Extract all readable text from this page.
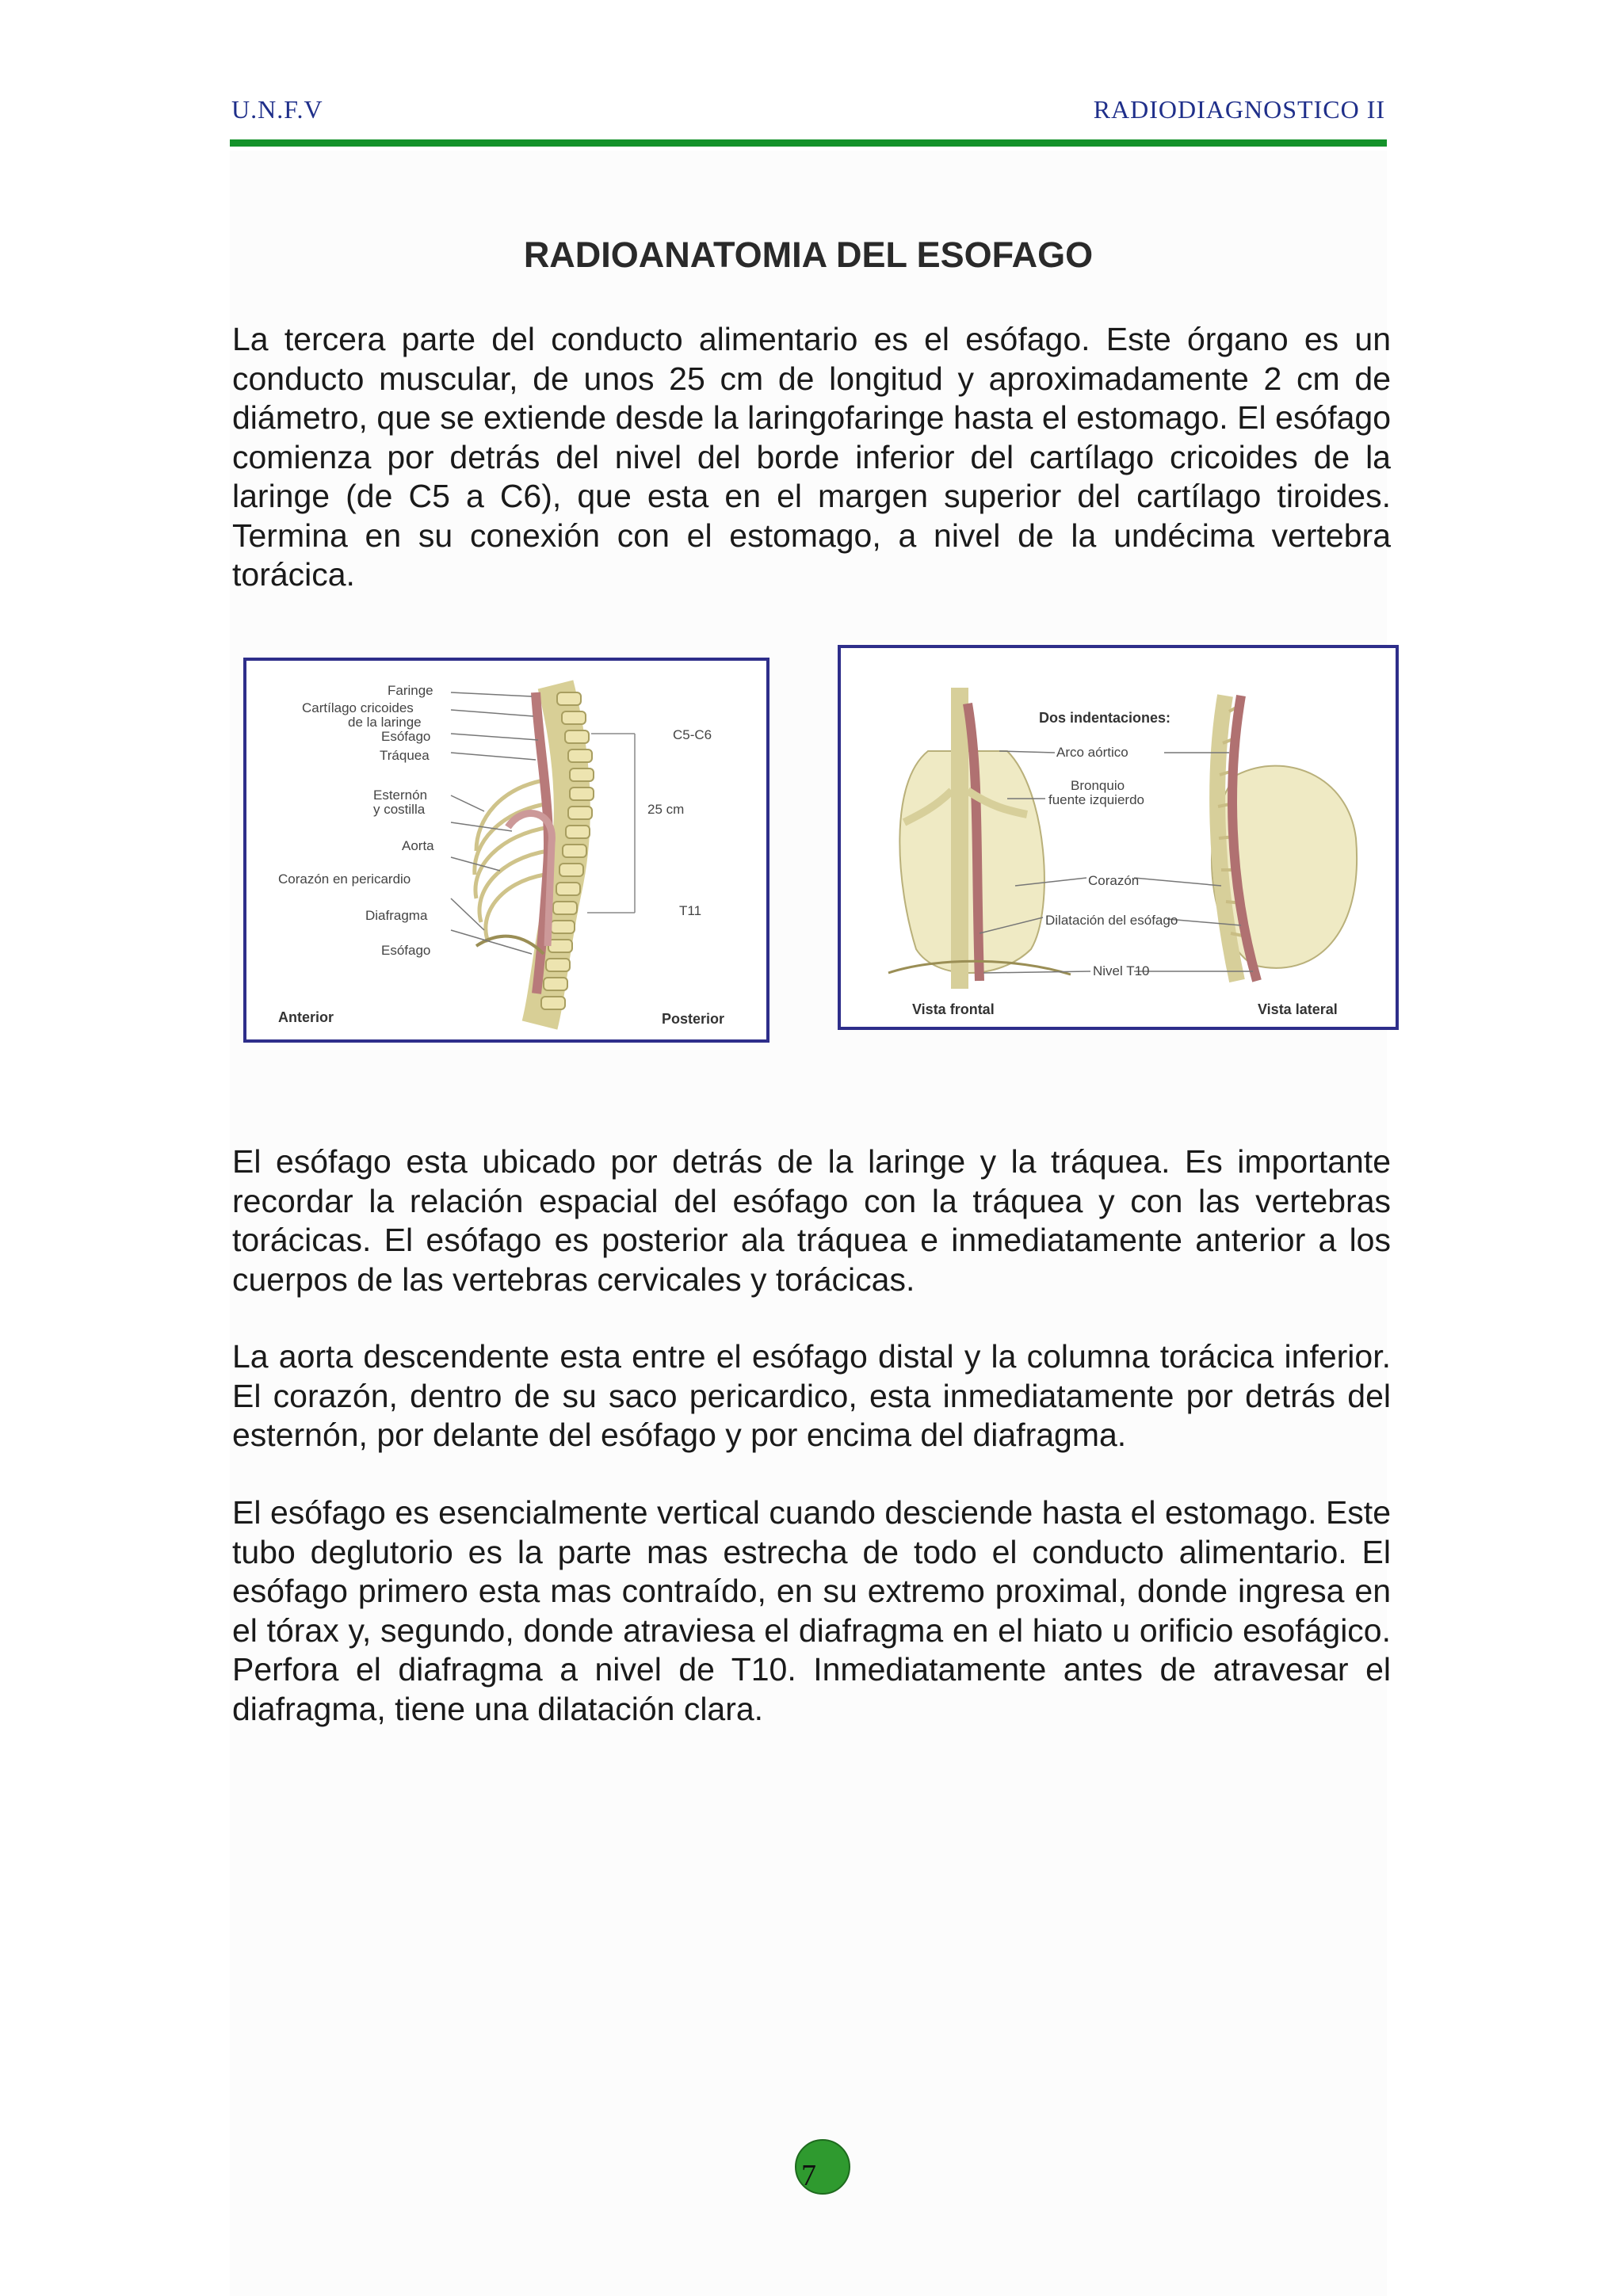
U.N.F.V	RADIODIAGNOSTICO II
RADIOANATOMIA DEL ESOFAGO

La tercera parte del conducto alimentario es el esófago. Este órgano es un conducto muscular, de unos 25 cm de longitud y aproximadamente 2 cm de diámetro, que se extiende desde la laringofaringe hasta el estomago. El esófago comienza por detrás del nivel del borde inferior del cartílago cricoides de la laringe (de C5 a C6), que esta en el margen superior del cartílago tiroides. Termina en su conexión con el estomago, a nivel de la undécima vertebra torácica.

Faringe
Cartílago cricoides
de la laringe
Esófago
Tráquea
Esternón
y costilla
Aorta
Corazón en pericardio
Diafragma
Esófago
C5-C6
25 cm
T11
Anterior	Posterior
Dos indentaciones:
Arco aórtico
Bronquio
fuente izquierdo
Corazón
Dilatación del esófago
Nivel T10
Vista frontal	Vista lateral

El esófago esta ubicado por detrás de la laringe y la tráquea. Es importante recordar la relación espacial del esófago con la tráquea y con las vertebras torácicas. El esófago es posterior ala tráquea e inmediatamente anterior a los cuerpos de las vertebras cervicales y torácicas.

La aorta descendente esta entre el esófago distal y la columna torácica inferior. El corazón, dentro de su saco pericardico, esta inmediatamente por detrás del esternón, por delante del esófago y por encima del diafragma.

El esófago es esencialmente vertical cuando desciende hasta el estomago. Este tubo deglutorio es la parte mas estrecha de todo el conducto alimentario. El esófago primero esta mas contraído, en su extremo proximal, donde ingresa en el tórax y, segundo, donde atraviesa el diafragma en el hiato u orificio esofágico. Perfora el diafragma a nivel de T10. Inmediatamente antes de atravesar el diafragma, tiene una dilatación clara.

7
